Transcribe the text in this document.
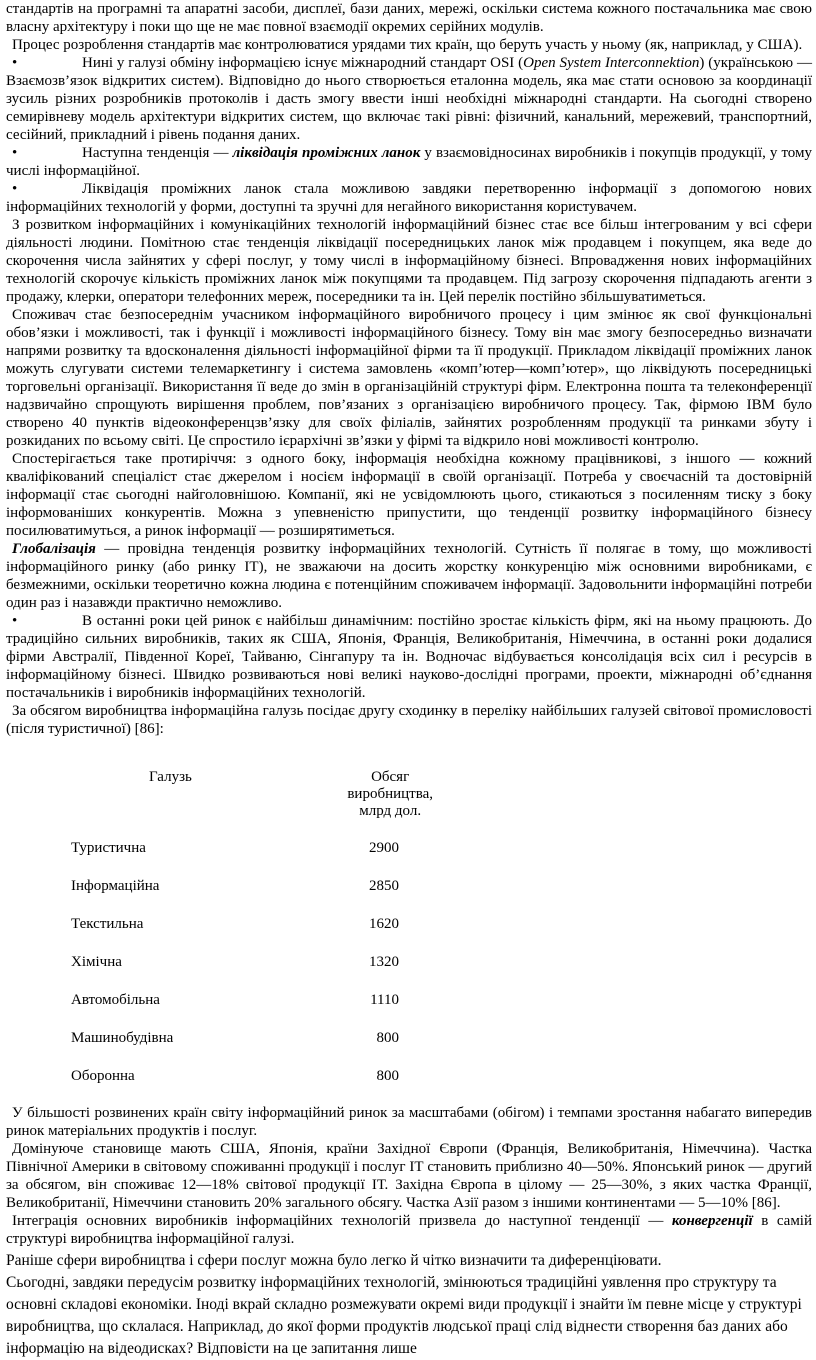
стандартів на програмні та апаратні засоби, дисплеї, бази даних, мережі, оскільки система кожного постачальника має свою власну архітектуру і поки що ще не має повної взаємодії окремих серійних модулів.

Процес розроблення стандартів має контролюватися урядами тих країн, що беруть участь у ньому (як, наприклад, у США).

•	Нині у галузі обміну інформацією існує міжнародний стандарт OSI (Open System Interconnektion) (українською — Взаємозв’язок відкритих систем). Відповідно до нього створюється еталонна модель, яка має стати основою за координації зусиль різних розробників протоколів і дасть змогу ввести інші необхідні міжнародні стандарти. На сьогодні створено семирівневу модель архітектури відкритих систем, що включає такі рівні: фізичний, канальний, мережевий, транспортний, сесійний, прикладний і рівень подання даних.

•	Наступна тенденція — ліквідація проміжних ланок у взаємовідносинах виробників і покупців продукції, у тому числі інформаційної.

•	Ліквідація проміжних ланок стала можливою завдяки перетворенню інформації з допомогою нових інформаційних технологій у форми, доступні та зручні для негайного використання користувачем.

З розвитком інформаційних і комунікаційних технологій інформаційний бізнес стає все більш інтегрованим у всі сфери діяльності людини. Помітною стає тенденція ліквідації посередницьких ланок між продавцем і покупцем, яка веде до скорочення числа зайнятих у сфері послуг, у тому числі в інформаційному бізнесі. Впровадження нових інформаційних технологій скорочує кількість проміжних ланок між покупцями та продавцем. Під загрозу скорочення підпадають агенти з продажу, клерки, оператори телефонних мереж, посередники та ін. Цей перелік постійно збільшуватиметься.

Споживач стає безпосереднім учасником інформаційного виробничого процесу і цим змінює як свої функціональні обов’язки і можливості, так і функції і можливості інформаційного бізнесу. Тому він має змогу безпосередньо визначати напрями розвитку та вдосконалення діяльності інформаційної фірми та її продукції. Прикладом ліквідації проміжних ланок можуть слугувати системи телемаркетингу і система замовлень «комп’ютер—комп’ютер», що ліквідують посередницькі торговельні організації. Використання її веде до змін в організаційній структурі фірм. Електронна пошта та телеконференції надзвичайно спрощують вирішення проблем, пов’язаних з організацією виробничого процесу. Так, фірмою IBM було створено 40 пунктів відеоконференцзв’язку для своїх філіалів, зайнятих розробленням продукції та ринками збуту і розкиданих по всьому світі. Це спростило ієрархічні зв’язки у фірмі та відкрило нові можливості контролю.

Спостерігається таке протиріччя: з одного боку, інформація необхідна кожному працівникові, з іншого — кожний кваліфікований спеціаліст стає джерелом і носієм інформації в своїй організації. Потреба у своєчасній та достовірній інформації стає сьогодні найголовнішою. Компанії, які не усвідомлюють цього, стикаються з посиленням тиску з боку інформованіших конкурентів. Можна з упевненістю припустити, що тенденції розвитку інформаційного бізнесу посилюватимуться, а ринок інформації — розширятиметься.

Глобалізація — провідна тенденція розвитку інформаційних технологій. Сутність її полягає в тому, що можливості інформаційного ринку (або ринку ІТ), не зважаючи на досить жорстку конкуренцію між основними виробниками, є безмежними, оскільки теоретично кожна людина є потенційним споживачем інформації. Задовольнити інформаційні потреби один раз і назавжди практично неможливо.

•	В останні роки цей ринок є найбільш динамічним: постійно зростає кількість фірм, які на ньому працюють. До традиційно сильних виробників, таких як США, Японія, Франція, Великобританія, Німеччина, в останні роки додалися фірми Австралії, Південної Кореї, Тайваню, Сінгапуру та ін. Водночас відбувається консолідація всіх сил і ресурсів в інформаційному бізнесі. Швидко розвиваються нові великі науково-дослідні програми, проекти, міжнародні об’єднання постачальників і виробників інформаційних технологій.

За обсягом виробництва інформаційна галузь посідає другу сходинку в переліку найбільших галузей світової промисловості (після туристичної) [86]:

Галузь	Обсяг виробництва, млрд дол.
Туристична	2900
Інформаційна	2850
Текстильна	1620
Хімічна	1320
Автомобільна	1110
Машинобудівна	800
Оборонна	800

У більшості розвинених країн світу інформаційний ринок за масштабами (обігом) і темпами зростання набагато випередив ринок матеріальних продуктів і послуг.

Домінуюче становище мають США, Японія, країни Західної Європи (Франція, Великобританія, Німеччина). Частка Північної Америки в світовому споживанні продукції і послуг ІТ становить приблизно 40—50%. Японський ринок — другий за обсягом, він споживає 12—18% світової продукції ІТ. Західна Європа в цілому — 25—30%, з яких частка Франції, Великобританії, Німеччини становить 20% загального обсягу. Частка Азії разом з іншими континентами — 5—10% [86].

Інтеграція основних виробників інформаційних технологій призвела до наступної тенденції — конвергенції в самій структурі виробництва інформаційної галузі.

Раніше сфери виробництва і сфери послуг можна було легко й чітко визначити та диференціювати.

Сьогодні, завдяки передусім розвитку інформаційних технологій, змінюються традиційні уявлення про структуру та основні складові економіки. Іноді вкрай складно розмежувати окремі види продукції і знайти їм певне місце у структурі виробництва, що склалася. Наприклад, до якої форми продуктів людської праці слід віднести створення баз даних або інформацію на відеодисках? Відповісти на це запитання лише
